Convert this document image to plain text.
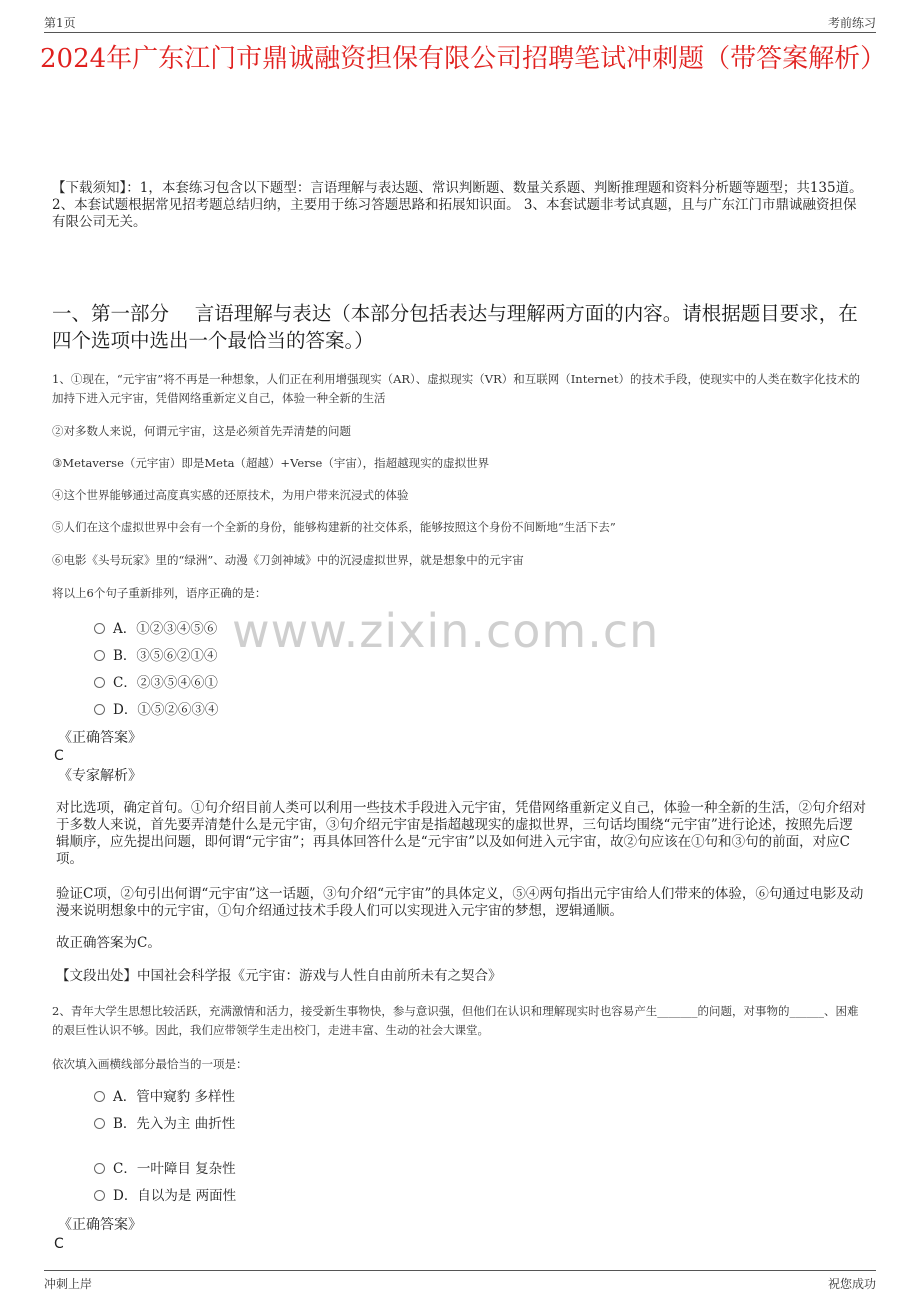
第1页	考前练习
2024年广东江门市鼎诚融资担保有限公司招聘笔试冲刺题（带答案解析）
【下载须知】：1，本套练习包含以下题型：言语理解与表达题、常识判断题、数量关系题、判断推理题和资料分析题等题型；共135道。 2、本套试题根据常见招考题总结归纳，主要用于练习答题思路和拓展知识面。 3、本套试题非考试真题，且与广东江门市鼎诚融资担保有限公司无关。
一、第一部分　 言语理解与表达（本部分包括表达与理解两方面的内容。请根据题目要求，在四个选项中选出一个最恰当的答案。）
1、①现在，“元宇宙”将不再是一种想象，人们正在利用增强现实（AR）、虚拟现实（VR）和互联网（Internet）的技术手段，使现实中的人类在数字化技术的加持下进入元宇宙，凭借网络重新定义自己，体验一种全新的生活
②对多数人来说，何谓元宇宙，这是必须首先弄清楚的问题
③Metaverse（元宇宙）即是Meta（超越）+Verse（宇宙），指超越现实的虚拟世界
④这个世界能够通过高度真实感的还原技术，为用户带来沉浸式的体验
⑤人们在这个虚拟世界中会有一个全新的身份，能够构建新的社交体系，能够按照这个身份不间断地“生活下去”
⑥电影《头号玩家》里的“绿洲”、动漫《刀剑神域》中的沉浸虚拟世界，就是想象中的元宇宙
将以上6个句子重新排列，语序正确的是：
www.zixin.com.cn
A．①②③④⑤⑥
B．③⑤⑥②①④
C．②③⑤④⑥①
D．①⑤②⑥③④
《正确答案》
C
《专家解析》
对比选项，确定首句。①句介绍目前人类可以利用一些技术手段进入元宇宙，凭借网络重新定义自己，体验一种全新的生活，②句介绍对于多数人来说，首先要弄清楚什么是元宇宙，③句介绍元宇宙是指超越现实的虚拟世界，三句话均围绕“元宇宙”进行论述，按照先后逻辑顺序，应先提出问题，即何谓“元宇宙”；再具体回答什么是“元宇宙”以及如何进入元宇宙，故②句应该在①句和③句的前面，对应C项。
验证C项，②句引出何谓“元宇宙”这一话题，③句介绍“元宇宙”的具体定义，⑤④两句指出元宇宙给人们带来的体验，⑥句通过电影及动漫来说明想象中的元宇宙，①句介绍通过技术手段人们可以实现进入元宇宙的梦想，逻辑通顺。
故正确答案为C。
【文段出处】中国社会科学报《元宇宙：游戏与人性自由前所未有之契合》
2、青年大学生思想比较活跃，充满激情和活力，接受新生事物快，参与意识强，但他们在认识和理解现实时也容易产生_______的问题，对事物的______、困难的艰巨性认识不够。因此，我们应带领学生走出校门，走进丰富、生动的社会大课堂。
依次填入画横线部分最恰当的一项是：
A．管中窥豹 多样性
B．先入为主 曲折性
C．一叶障目 复杂性
D．自以为是 两面性
《正确答案》
C
冲刺上岸	祝您成功
